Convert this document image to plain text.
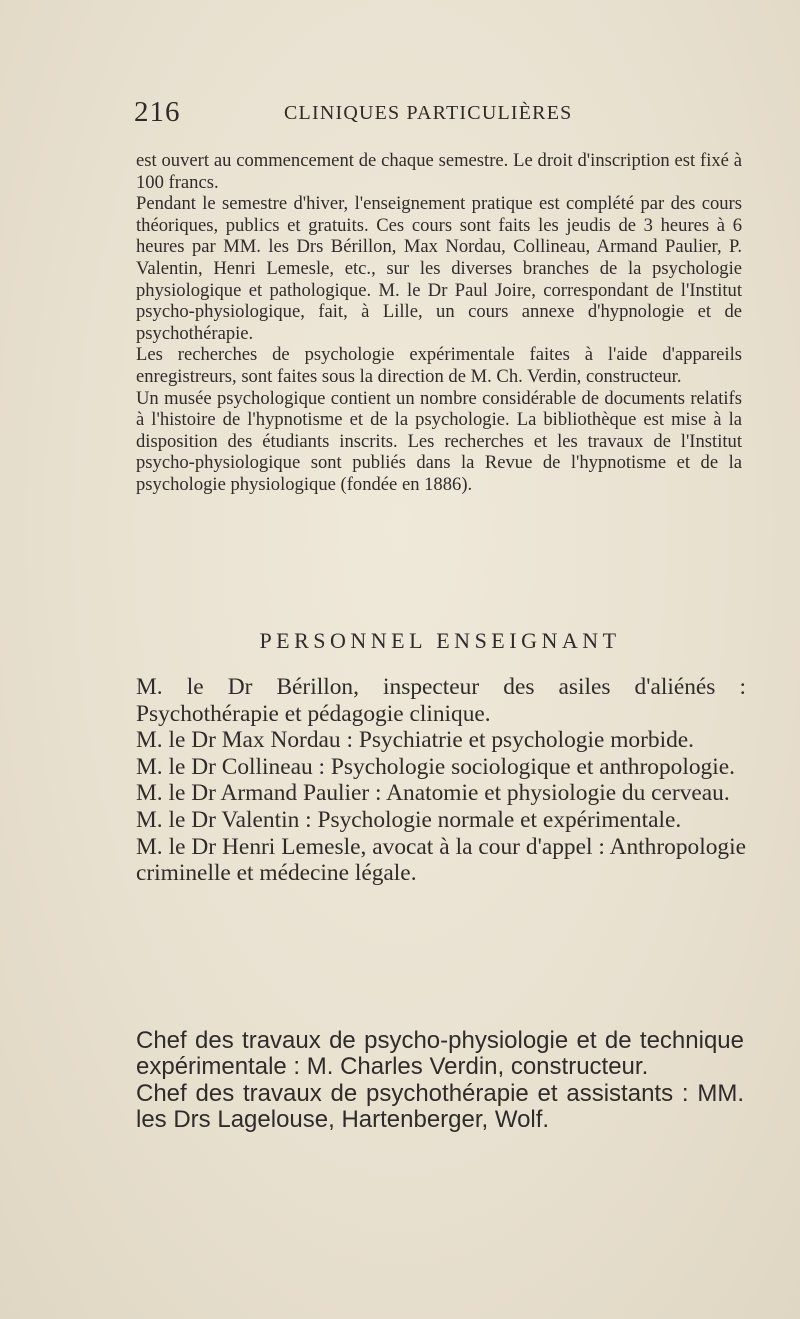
216	CLINIQUES PARTICULIÈRES

est ouvert au commencement de chaque semestre. Le droit d'inscription est fixé à 100 francs.

Pendant le semestre d'hiver, l'enseignement pratique est complété par des cours théoriques, publics et gratuits. Ces cours sont faits les jeudis de 3 heures à 6 heures par MM. les Drs Bérillon, Max Nordau, Collineau, Armand Paulier, P. Valentin, Henri Lemesle, etc., sur les diverses branches de la psychologie physiologique et pathologique. M. le Dr Paul Joire, correspondant de l'Institut psycho-physiologique, fait, à Lille, un cours annexe d'hypnologie et de psychothérapie.

Les recherches de psychologie expérimentale faites à l'aide d'appareils enregistreurs, sont faites sous la direction de M. Ch. Verdin, constructeur.

Un musée psychologique contient un nombre considérable de documents relatifs à l'histoire de l'hypnotisme et de la psychologie. La bibliothèque est mise à la disposition des étudiants inscrits. Les recherches et les travaux de l'Institut psycho-physiologique sont publiés dans la Revue de l'hypnotisme et de la psychologie physiologique (fondée en 1886).

PERSONNEL ENSEIGNANT

M. le Dr Bérillon, inspecteur des asiles d'aliénés : Psychothérapie et pédagogie clinique.

M. le Dr Max Nordau : Psychiatrie et psychologie morbide.

M. le Dr Collineau : Psychologie sociologique et anthropologie.

M. le Dr Armand Paulier : Anatomie et physiologie du cerveau.

M. le Dr Valentin : Psychologie normale et expérimentale.

M. le Dr Henri Lemesle, avocat à la cour d'appel : Anthropologie criminelle et médecine légale.

Chef des travaux de psycho-physiologie et de technique expérimentale : M. Charles Verdin, constructeur.

Chef des travaux de psychothérapie et assistants : MM. les Drs Lagelouse, Hartenberger, Wolf.
